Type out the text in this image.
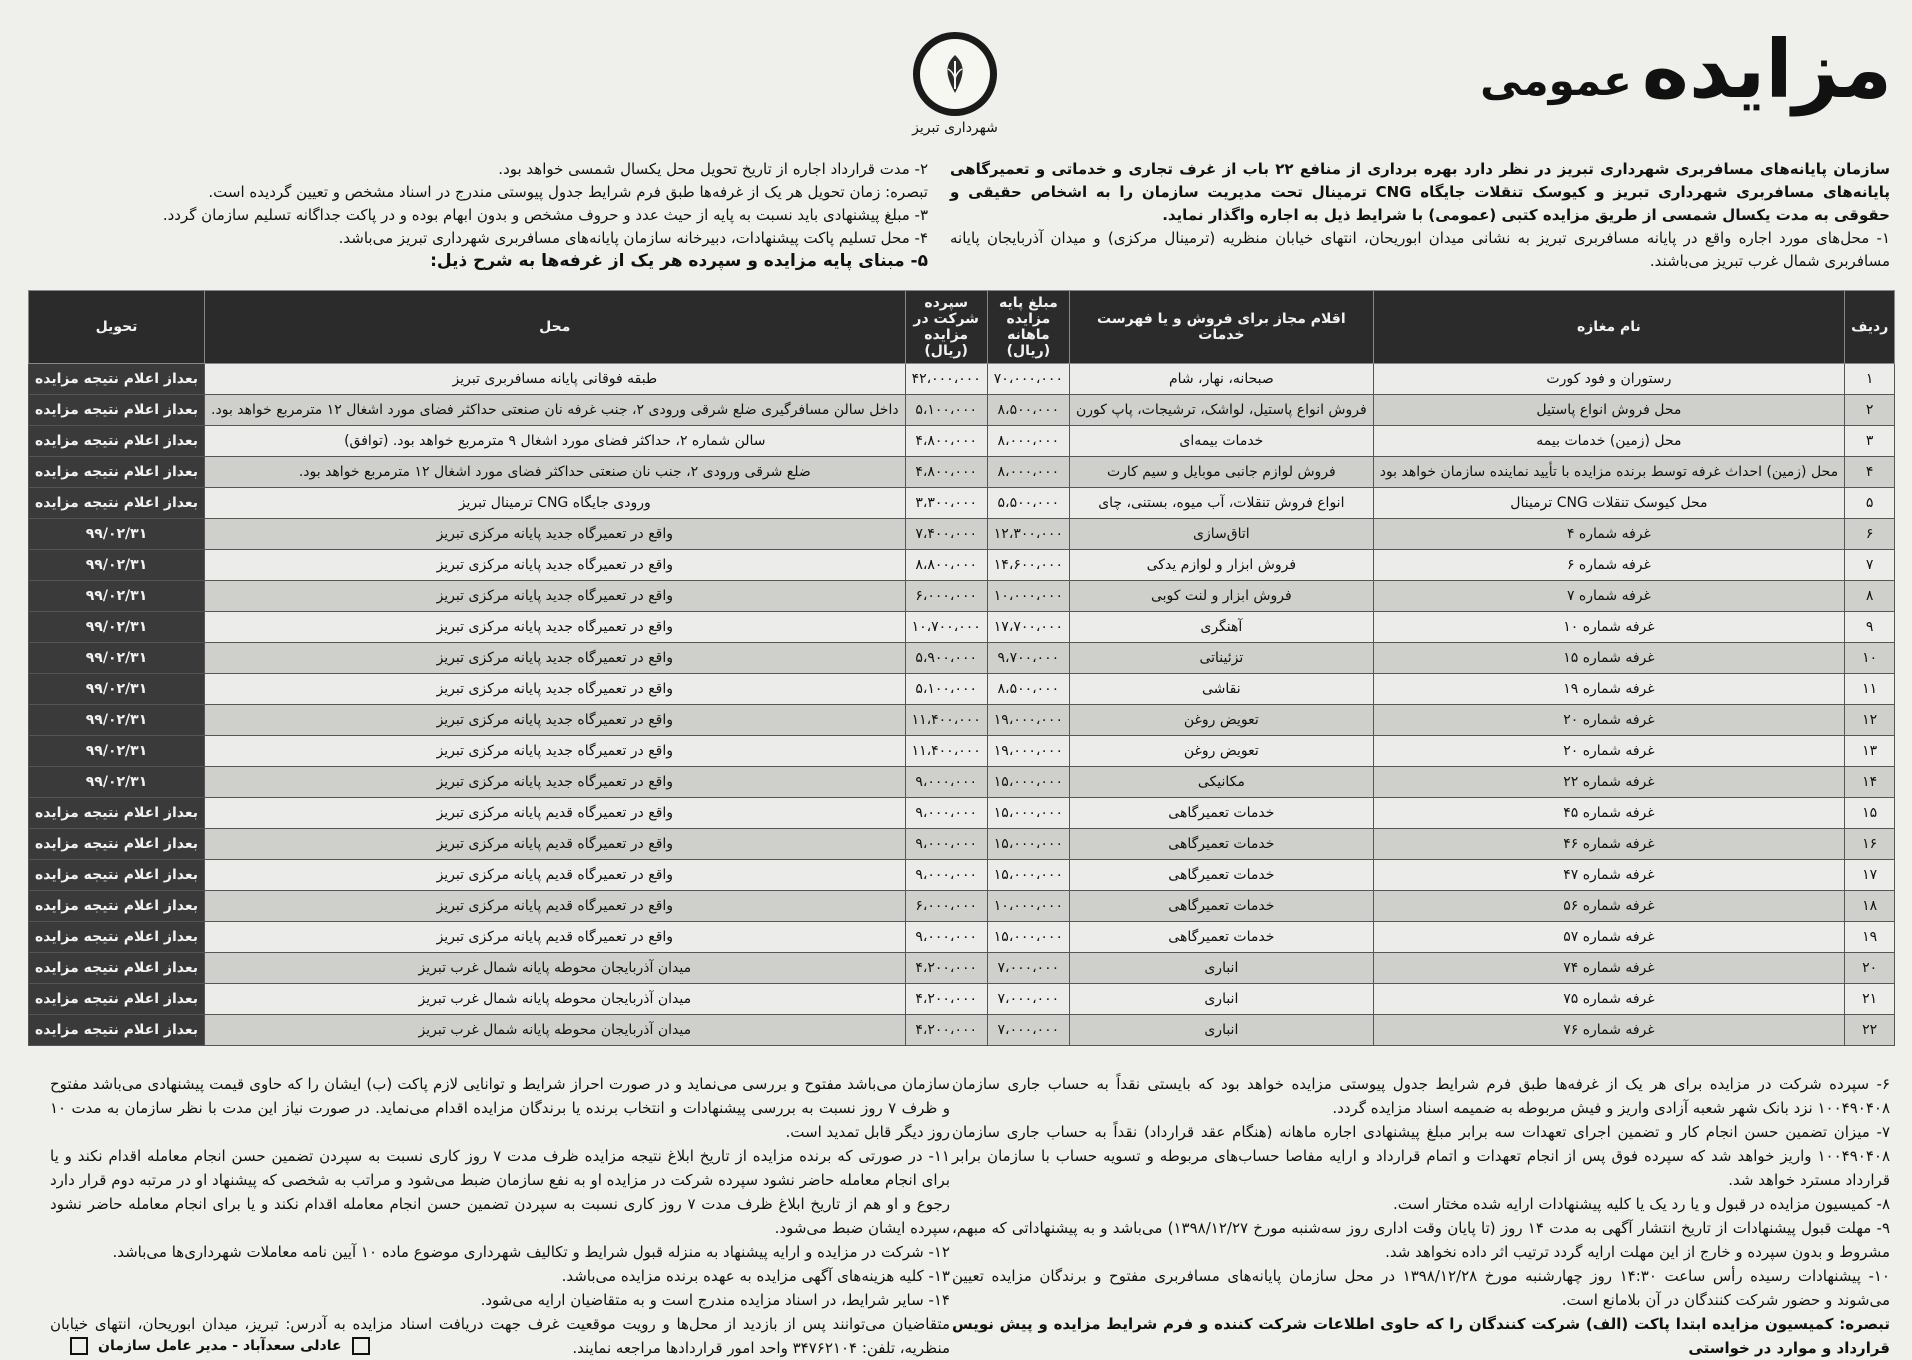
مزایده
عمومی
شهرداری تبریز

سازمان پایانه‌های مسافربری شهرداری تبریز در نظر دارد بهره برداری از منافع ۲۲ باب از غرف تجاری و خدماتی و تعمیرگاهی پایانه‌های مسافربری شهرداری تبریز و کیوسک تنقلات جایگاه CNG ترمینال تحت مدیریت سازمان را به اشخاص حقیقی و حقوقی به مدت یکسال شمسی از طریق مزایده کتبی (عمومی) با شرایط ذیل به اجاره واگذار نماید.

۱- محل‌های مورد اجاره واقع در پایانه مسافربری تبریز به نشانی میدان ابوریحان، انتهای خیابان منظریه (ترمینال مرکزی) و میدان آذربایجان پایانه مسافربری شمال غرب تبریز می‌باشند.

۲- مدت قرارداد اجاره از تاریخ تحویل محل یکسال شمسی خواهد بود.

تبصره: زمان تحویل هر یک از غرفه‌ها طبق فرم شرایط جدول پیوستی مندرج در اسناد مشخص و تعیین گردیده است.

۳- مبلغ پیشنهادی باید نسبت به پایه از حیث عدد و حروف مشخص و بدون ابهام بوده و در پاکت جداگانه تسلیم سازمان گردد.

۴- محل تسلیم پاکت پیشنهادات، دبیرخانه سازمان پایانه‌های مسافربری شهرداری تبریز می‌باشد.

۵- مبنای پایه مزایده و سپرده هر یک از غرفه‌ها به شرح ذیل:

ردیف	نام مغازه	اقلام مجاز برای فروش و یا فهرست خدمات	مبلغ پایه مزایده ماهانه (ریال)	سپرده شرکت در مزایده (ریال)	محل	تحویل
۱	رستوران و فود کورت	صبحانه، نهار، شام	۷۰،۰۰۰،۰۰۰	۴۲،۰۰۰،۰۰۰	طبقه فوقانی پایانه مسافربری تبریز	بعداز اعلام نتیجه مزایده
۲	محل فروش انواع پاستیل	فروش انواع پاستیل، لواشک، ترشیجات، پاپ کورن	۸،۵۰۰،۰۰۰	۵،۱۰۰،۰۰۰	داخل سالن مسافرگیری ضلع شرقی ورودی ۲، جنب غرفه نان صنعتی حداکثر فضای مورد اشغال ۱۲ مترمربع خواهد بود.	بعداز اعلام نتیجه مزایده
۳	محل (زمین) خدمات بیمه	خدمات بیمه‌ای	۸،۰۰۰،۰۰۰	۴،۸۰۰،۰۰۰	سالن شماره ۲، حداکثر فضای مورد اشغال ۹ مترمربع خواهد بود. (توافق)	بعداز اعلام نتیجه مزایده
۴	محل (زمین) احداث غرفه توسط برنده مزایده با تأیید نماینده سازمان خواهد بود	فروش لوازم جانبی موبایل و سیم کارت	۸،۰۰۰،۰۰۰	۴،۸۰۰،۰۰۰	ضلع شرقی ورودی ۲، جنب نان صنعتی حداکثر فضای مورد اشغال ۱۲ مترمربع خواهد بود.	بعداز اعلام نتیجه مزایده
۵	محل کیوسک تنقلات CNG ترمینال	انواع فروش تنقلات، آب میوه، بستنی، چای	۵،۵۰۰،۰۰۰	۳،۳۰۰،۰۰۰	ورودی جایگاه CNG ترمینال تبریز	بعداز اعلام نتیجه مزایده
۶	غرفه شماره ۴	اتاق‌سازی	۱۲،۳۰۰،۰۰۰	۷،۴۰۰،۰۰۰	واقع در تعمیرگاه جدید پایانه مرکزی تبریز	۹۹/۰۲/۳۱
۷	غرفه شماره ۶	فروش ابزار و لوازم یدکی	۱۴،۶۰۰،۰۰۰	۸،۸۰۰،۰۰۰	واقع در تعمیرگاه جدید پایانه مرکزی تبریز	۹۹/۰۲/۳۱
۸	غرفه شماره ۷	فروش ابزار و لنت کوبی	۱۰،۰۰۰،۰۰۰	۶،۰۰۰،۰۰۰	واقع در تعمیرگاه جدید پایانه مرکزی تبریز	۹۹/۰۲/۳۱
۹	غرفه شماره ۱۰	آهنگری	۱۷،۷۰۰،۰۰۰	۱۰،۷۰۰،۰۰۰	واقع در تعمیرگاه جدید پایانه مرکزی تبریز	۹۹/۰۲/۳۱
۱۰	غرفه شماره ۱۵	تزئیناتی	۹،۷۰۰،۰۰۰	۵،۹۰۰،۰۰۰	واقع در تعمیرگاه جدید پایانه مرکزی تبریز	۹۹/۰۲/۳۱
۱۱	غرفه شماره ۱۹	نقاشی	۸،۵۰۰،۰۰۰	۵،۱۰۰،۰۰۰	واقع در تعمیرگاه جدید پایانه مرکزی تبریز	۹۹/۰۲/۳۱
۱۲	غرفه شماره ۲۰	تعویض روغن	۱۹،۰۰۰،۰۰۰	۱۱،۴۰۰،۰۰۰	واقع در تعمیرگاه جدید پایانه مرکزی تبریز	۹۹/۰۲/۳۱
۱۳	غرفه شماره ۲۰	تعویض روغن	۱۹،۰۰۰،۰۰۰	۱۱،۴۰۰،۰۰۰	واقع در تعمیرگاه جدید پایانه مرکزی تبریز	۹۹/۰۲/۳۱
۱۴	غرفه شماره ۲۲	مکانیکی	۱۵،۰۰۰،۰۰۰	۹،۰۰۰،۰۰۰	واقع در تعمیرگاه جدید پایانه مرکزی تبریز	۹۹/۰۲/۳۱
۱۵	غرفه شماره ۴۵	خدمات تعمیرگاهی	۱۵،۰۰۰،۰۰۰	۹،۰۰۰،۰۰۰	واقع در تعمیرگاه قدیم پایانه مرکزی تبریز	بعداز اعلام نتیجه مزایده
۱۶	غرفه شماره ۴۶	خدمات تعمیرگاهی	۱۵،۰۰۰،۰۰۰	۹،۰۰۰،۰۰۰	واقع در تعمیرگاه قدیم پایانه مرکزی تبریز	بعداز اعلام نتیجه مزایده
۱۷	غرفه شماره ۴۷	خدمات تعمیرگاهی	۱۵،۰۰۰،۰۰۰	۹،۰۰۰،۰۰۰	واقع در تعمیرگاه قدیم پایانه مرکزی تبریز	بعداز اعلام نتیجه مزایده
۱۸	غرفه شماره ۵۶	خدمات تعمیرگاهی	۱۰،۰۰۰،۰۰۰	۶،۰۰۰،۰۰۰	واقع در تعمیرگاه قدیم پایانه مرکزی تبریز	بعداز اعلام نتیجه مزایده
۱۹	غرفه شماره ۵۷	خدمات تعمیرگاهی	۱۵،۰۰۰،۰۰۰	۹،۰۰۰،۰۰۰	واقع در تعمیرگاه قدیم پایانه مرکزی تبریز	بعداز اعلام نتیجه مزایده
۲۰	غرفه شماره ۷۴	انباری	۷،۰۰۰،۰۰۰	۴،۲۰۰،۰۰۰	میدان آذربایجان محوطه پایانه شمال غرب تبریز	بعداز اعلام نتیجه مزایده
۲۱	غرفه شماره ۷۵	انباری	۷،۰۰۰،۰۰۰	۴،۲۰۰،۰۰۰	میدان آذربایجان محوطه پایانه شمال غرب تبریز	بعداز اعلام نتیجه مزایده
۲۲	غرفه شماره ۷۶	انباری	۷،۰۰۰،۰۰۰	۴،۲۰۰،۰۰۰	میدان آذربایجان محوطه پایانه شمال غرب تبریز	بعداز اعلام نتیجه مزایده

۶- سپرده شرکت در مزایده برای هر یک از غرفه‌ها طبق فرم شرایط جدول پیوستی مزایده خواهد بود که بایستی نقداً به حساب جاری سازمان ۱۰۰۴۹۰۴۰۸ نزد بانک شهر شعبه آزادی واریز و فیش مربوطه به ضمیمه اسناد مزایده گردد.

۷- میزان تضمین حسن انجام کار و تضمین اجرای تعهدات سه برابر مبلغ پیشنهادی اجاره ماهانه (هنگام عقد قرارداد) نقداً به حساب جاری سازمان ۱۰۰۴۹۰۴۰۸ واریز خواهد شد که سپرده فوق پس از انجام تعهدات و اتمام قرارداد و ارایه مفاصا حساب‌های مربوطه و تسویه حساب با سازمان برابر قرارداد مسترد خواهد شد.

۸- کمیسیون مزایده در قبول و یا رد یک یا کلیه پیشنهادات ارایه شده مختار است.

۹- مهلت قبول پیشنهادات از تاریخ انتشار آگهی به مدت ۱۴ روز (تا پایان وقت اداری روز سه‌شنبه مورخ ۱۳۹۸/۱۲/۲۷) می‌باشد و به پیشنهاداتی که مبهم، مشروط و بدون سپرده و خارج از این مهلت ارایه گردد ترتیب اثر داده نخواهد شد.

۱۰- پیشنهادات رسیده رأس ساعت ۱۴:۳۰ روز چهارشنبه مورخ ۱۳۹۸/۱۲/۲۸ در محل سازمان پایانه‌های مسافربری مفتوح و برندگان مزایده تعیین می‌شوند و حضور شرکت کنندگان در آن بلامانع است.

تبصره: کمیسیون مزایده ابتدا پاکت (الف) شرکت کنندگان را که حاوی اطلاعات شرکت کننده و فرم شرایط مزایده و پیش نویس قرارداد و موارد در خواستی

سازمان می‌باشد مفتوح و بررسی می‌نماید و در صورت احراز شرایط و توانایی لازم پاکت (ب) ایشان را که حاوی قیمت پیشنهادی می‌باشد مفتوح و ظرف ۷ روز نسبت به بررسی پیشنهادات و انتخاب برنده یا برندگان مزایده اقدام می‌نماید. در صورت نیاز این مدت با نظر سازمان به مدت ۱۰ روز دیگر قابل تمدید است.

۱۱- در صورتی که برنده مزایده از تاریخ ابلاغ نتیجه مزایده ظرف مدت ۷ روز کاری نسبت به سپردن تضمین حسن انجام معامله اقدام نکند و یا برای انجام معامله حاضر نشود سپرده شرکت در مزایده او به نفع سازمان ضبط می‌شود و مراتب به شخصی که پیشنهاد او در مرتبه دوم قرار دارد رجوع و او هم از تاریخ ابلاغ ظرف مدت ۷ روز کاری نسبت به سپردن تضمین حسن انجام معامله اقدام نکند و یا برای انجام معامله حاضر نشود سپرده ایشان ضبط می‌شود.

۱۲- شرکت در مزایده و ارایه پیشنهاد به منزله قبول شرایط و تکالیف شهرداری موضوع ماده ۱۰ آیین نامه معاملات شهرداری‌ها می‌باشد.

۱۳- کلیه هزینه‌های آگهی مزایده به عهده برنده مزایده می‌باشد.

۱۴- سایر شرایط، در اسناد مزایده مندرج است و به متقاضیان ارایه می‌شود.

متقاضیان می‌توانند پس از بازدید از محل‌ها و رویت موقعیت غرف جهت دریافت اسناد مزایده به آدرس: تبریز، میدان ابوریحان، انتهای خیابان منظریه، تلفن: ۳۴۷۶۲۱۰۴ واحد امور قراردادها مراجعه نمایند.

عادلی سعدآباد - مدیر عامل سازمان
